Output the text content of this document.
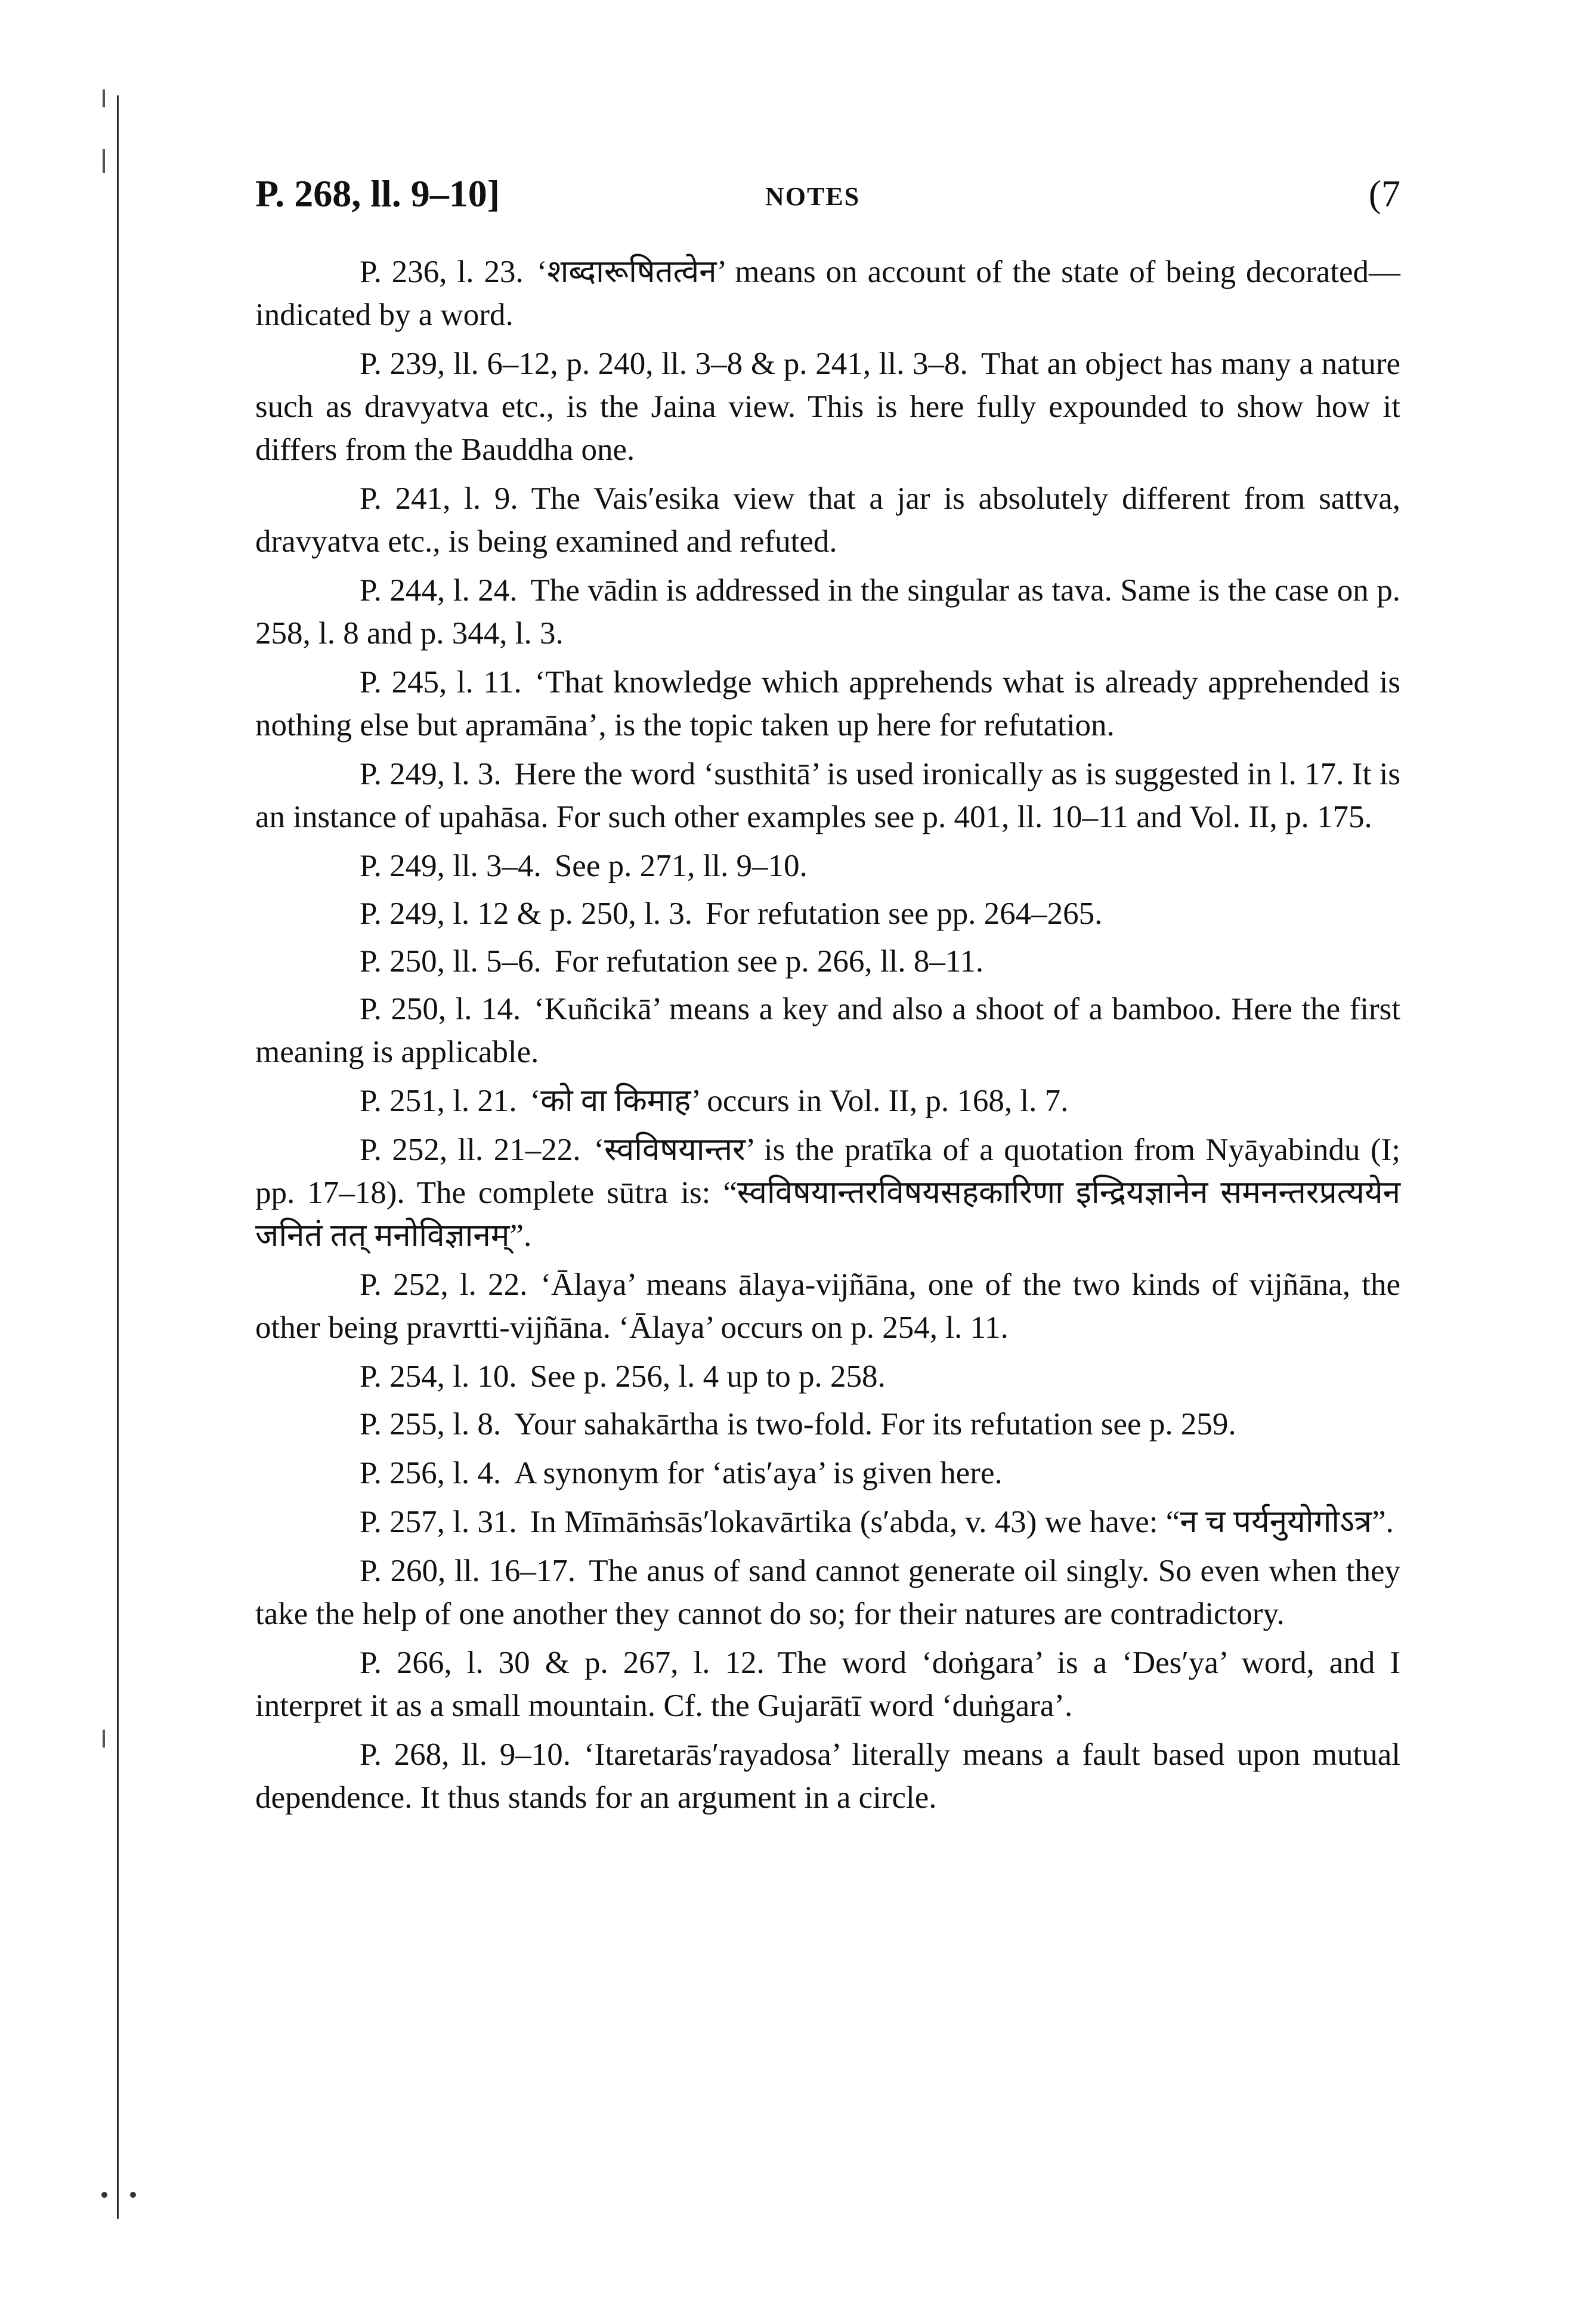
P. 268, ll. 9–10]	NOTES	(7

P. 236, l. 23. ‘शब्दारूषितत्वेन’ means on account of the state of being decorated—indicated by a word.

P. 239, ll. 6–12, p. 240, ll. 3–8 & p. 241, ll. 3–8. That an object has many a nature such as dravyatva etc., is the Jaina view. This is here fully expounded to show how it differs from the Bauddha one.

P. 241, l. 9. The Vais′esika view that a jar is absolutely different from sattva, dravyatva etc., is being examined and refuted.

P. 244, l. 24. The vādin is addressed in the singular as tava. Same is the case on p. 258, l. 8 and p. 344, l. 3.

P. 245, l. 11. ‘That knowledge which apprehends what is already apprehended is nothing else but apramāna’, is the topic taken up here for refutation.

P. 249, l. 3. Here the word ‘susthitā’ is used ironically as is suggested in l. 17. It is an instance of upahāsa. For such other examples see p. 401, ll. 10–11 and Vol. II, p. 175.

P. 249, ll. 3–4. See p. 271, ll. 9–10.

P. 249, l. 12 & p. 250, l. 3. For refutation see pp. 264–265.

P. 250, ll. 5–6. For refutation see p. 266, ll. 8–11.

P. 250, l. 14. ‘Kuñcikā’ means a key and also a shoot of a bamboo. Here the first meaning is applicable.

P. 251, l. 21. ‘को वा किमाह’ occurs in Vol. II, p. 168, l. 7.

P. 252, ll. 21–22. ‘स्वविषयान्तर’ is the pratīka of a quotation from Nyāyabindu (I; pp. 17–18). The complete sūtra is: “स्वविषयान्तरविषयसहकारिणा इन्द्रियज्ञानेन समनन्तरप्रत्ययेन जनितं तत् मनोविज्ञानम्”.

P. 252, l. 22. ‘Ālaya’ means ālaya-vijñāna, one of the two kinds of vijñāna, the other being pravrtti-vijñāna. ‘Ālaya’ occurs on p. 254, l. 11.

P. 254, l. 10. See p. 256, l. 4 up to p. 258.

P. 255, l. 8. Your sahakārtha is two-fold. For its refutation see p. 259.

P. 256, l. 4. A synonym for ‘atis′aya’ is given here.

P. 257, l. 31. In Mīmāṁsās′lokavārtika (s′abda, v. 43) we have: “न च पर्यनुयोगोऽत्र”.

P. 260, ll. 16–17. The anus of sand cannot generate oil singly. So even when they take the help of one another they cannot do so; for their natures are contradictory.

P. 266, l. 30 & p. 267, l. 12. The word ‘doṅgara’ is a ‘Des′ya’ word, and I interpret it as a small mountain. Cf. the Gujarātī word ‘duṅgara’.

P. 268, ll. 9–10. ‘Itaretarās′rayadosa’ literally means a fault based upon mutual dependence. It thus stands for an argument in a circle.
